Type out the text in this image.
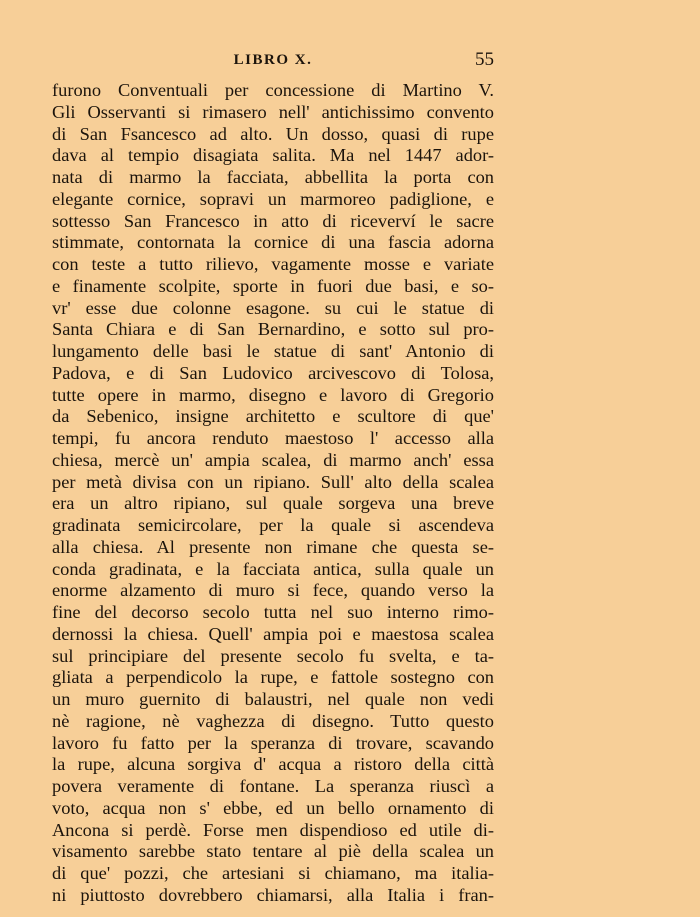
LIBRO X.	55
furono Conventuali per concessione di Martino V.
Gli Osservanti si rimasero nell' antichissimo convento
di San Fsancesco ad alto. Un dosso, quasi di rupe
dava al tempio disagiata salita. Ma nel 1447 ador-
nata di marmo la facciata, abbellita la porta con
elegante cornice, sopravi un marmoreo padiglione, e
sottesso San Francesco in atto di riceverví le sacre
stimmate, contornata la cornice di una fascia adorna
con teste a tutto rilievo, vagamente mosse e variate
e finamente scolpite, sporte in fuori due basi, e so-
vr' esse due colonne esagone. su cui le statue di
Santa Chiara e di San Bernardino, e sotto sul pro-
lungamento delle basi le statue di sant' Antonio di
Padova, e di San Ludovico arcivescovo di Tolosa,
tutte opere in marmo, disegno e lavoro di Gregorio
da Sebenico, insigne architetto e scultore di que'
tempi, fu ancora renduto maestoso l' accesso alla
chiesa, mercè un' ampia scalea, di marmo anch' essa
per metà divisa con un ripiano. Sull' alto della scalea
era un altro ripiano, sul quale sorgeva una breve
gradinata semicircolare, per la quale si ascendeva
alla chiesa. Al presente non rimane che questa se-
conda gradinata, e la facciata antica, sulla quale un
enorme alzamento di muro si fece, quando verso la
fine del decorso secolo tutta nel suo interno rimo-
dernossi la chiesa. Quell' ampia poi e maestosa scalea
sul principiare del presente secolo fu svelta, e ta-
gliata a perpendicolo la rupe, e fattole sostegno con
un muro guernito di balaustri, nel quale non vedi
nè ragione, nè vaghezza di disegno. Tutto questo
lavoro fu fatto per la speranza di trovare, scavando
la rupe, alcuna sorgiva d' acqua a ristoro della città
povera veramente di fontane. La speranza riuscì a
voto, acqua non s' ebbe, ed un bello ornamento di
Ancona si perdè. Forse men dispendioso ed utile di-
visamento sarebbe stato tentare al piè della scalea un
di que' pozzi, che artesiani si chiamano, ma italia-
ni piuttosto dovrebbero chiamarsi, alla Italia i fran-
